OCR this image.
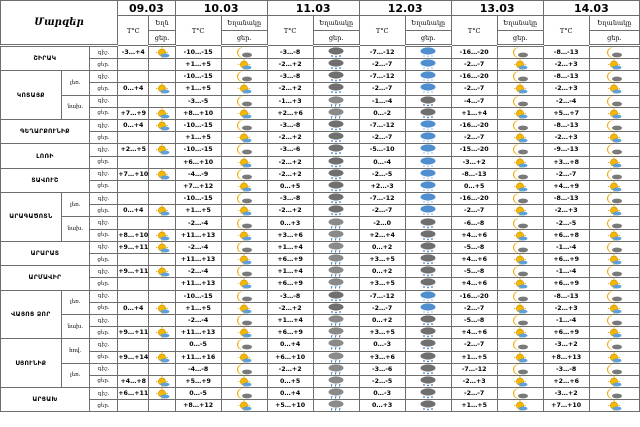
Մարզեր			09.03		10.03		11.03		12.03		13.03		14.03	
			T°C	Եղն	T°C	Եղանակը	T°C	Եղանակը	T°C	Եղանակը	T°C	Եղանակը	T°C	Եղանակը
				ցեր.		ցեր.		ցեր.		ցեր.		ցեր.		ցեր.
ՇԻՐԱԿ		գիշ.	-3…+4		-10…-15		-3…-8		-7…-12		-16…-20		-8…-13	

		ցեր.			+1…+5		-2…+2		-2…-7		-2…-7		-2…+3	

ԿՈՏԱՅՔ	լեռ.	գիշ.			-10…-15		-3…-8		-7…-12		-16…-20		-8…-13	

		ցեր.	0…+4		+1…+5		-2…+2		-2…-7		-2…-7		-2…+3	

	նախ.	գիշ.			-3…-5		-1…+3		-1…-4		-4…-7		-2…-4	

		ցեր.	+7…+9		+8…+10		+2…+6		0…-2		+1…+4		+5…+7	

ԳԵՂԱՐՔՈՒՆԻՔ		գիշ.	0…+4		-10…-15		-3…-8		-7…-12		-16…-20		-8…-13	

		ցեր.			+1…+5		-2…+2		-2…-7		-2…-7		-2…+3	

ԼՈՌԻ		գիշ.	+2…+5		-10…-15		-3…-6		-5…-10		-15…-20		-9…-13	

		ցեր.			+6…+10		-2…+2		0…-4		-3…+2		+3…+8	

ՏԱՎՈՒՇ		գիշ.	+7…+10		-4…-9		-2…+2		-2…-5		-8…-13		-2…-7	

		ցեր.			+7…+12		0…+5		+2…-3		0…+5		+4…+9	

ԱՐԱԳԱԾՈՏՆ	լեռ.	գիշ.			-10…-15		-3…-8		-7…-12		-16…-20		-8…-13	

		ցեր.	0…+4		+1…+5		-2…+2		-2…-7		-2…-7		-2…+3	

	նախ.	գիշ.			-2…-4		0…+3		-2…0		-6…-8		-2…-5	

		ցեր.	+8…+10		+11…+13		+3…+6		+2…+4		+4…+6		+6…+8	

ԱՐԱՐԱՏ		գիշ.	+9…+11		-2…-4		+1…+4		0…+2		-5…-8		-1…-4	

		ցեր.			+11…+13		+6…+9		+3…+5		+4…+6		+6…+9	

ԱՐՄԱՎԻՐ		գիշ.	+9…+11		-2…-4		+1…+4		0…+2		-5…-8		-1…-4	

		ցեր.			+11…+13		+6…+9		+3…+5		+4…+6		+6…+9	

ՎԱՅՈՑ ՁՈՐ	լեռ.	գիշ.			-10…-15		-3…-8		-7…-12		-16…-20		-8…-13	

		ցեր.	0…+4		+1…+5		-2…+2		-2…-7		-2…-7		-2…+3	

	նախ.	գիշ.			-2…-4		+1…+4		0…+2		-5…-8		-1…-4	

		ցեր.	+9…+11		+11…+13		+6…+9		+3…+5		+4…+6		+6…+9	

ՍՅՈՒՆԻՔ	հով.	գիշ.			0…-5		0…+4		0…-3		-2…-7		-3…+2	

		ցեր.	+9…+14		+11…+16		+6…+10		+3…+6		+1…+5		+8…+13	

	լեռ.	գիշ.			-4…-8		-2…+2		-3…-6		-7…-12		-3…-8	

		ցեր.	+4…+8		+5…+9		0…+5		-2…-5		-2…+3		+2…+6	

ԱՐՑԱԽ		գիշ.	+6…+11		0…-5		0…+4		0…-3		-2…-7		-3…+2	

		ցեր.			+8…+12		+5…+10		0…+3		+1…+5		+7…+10	
